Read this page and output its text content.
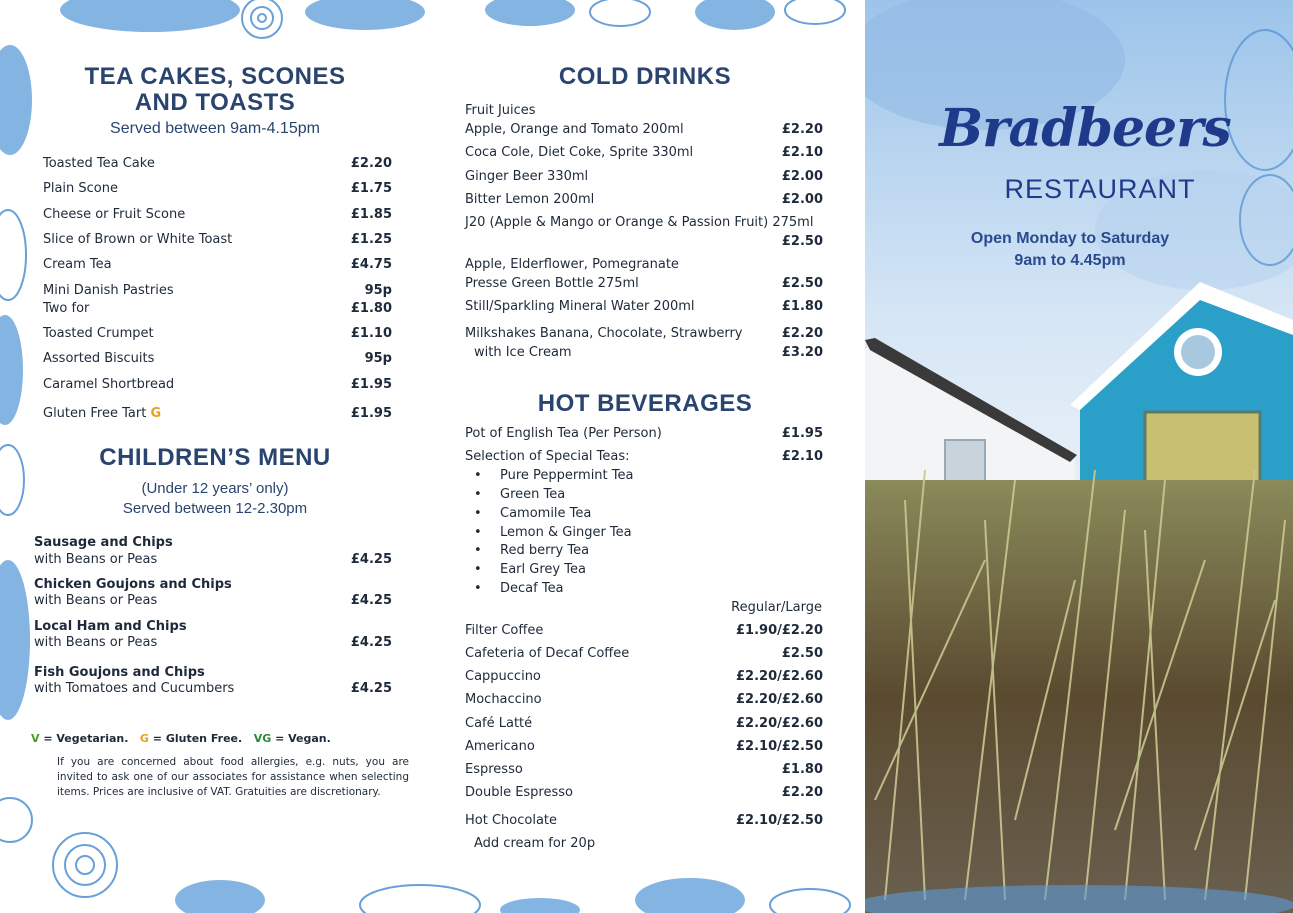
TEA CAKES, SCONES
AND TOASTS
Served between 9am-4.15pm
Toasted Tea Cake	£2.20
Plain Scone	£1.75
Cheese or Fruit Scone	£1.85
Slice of Brown or White Toast	£1.25
Cream Tea	£4.75
Mini Danish Pastries	95p
Two for	£1.80
Toasted Crumpet	£1.10
Assorted Biscuits	95p
Caramel Shortbread	£1.95
Gluten Free Tart G	£1.95
CHILDREN’S MENU
(Under 12 years’ only)
Served between 12-2.30pm
Sausage and Chips
with Beans or Peas	£4.25
Chicken Goujons and Chips
with Beans or Peas	£4.25
Local Ham and Chips
with Beans or Peas	£4.25
Fish Goujons and Chips
with Tomatoes and Cucumbers	£4.25
V = Vegetarian. G = Gluten Free. VG = Vegan.
If you are concerned about food allergies, e.g. nuts, you are invited to ask one of our associates for assistance when selecting items. Prices are inclusive of VAT. Gratuities are discretionary.
COLD DRINKS
Fruit Juices
Apple, Orange and Tomato 200ml	£2.20
Coca Cole, Diet Coke, Sprite 330ml	£2.10
Ginger Beer 330ml	£2.00
Bitter Lemon 200ml	£2.00
J20 (Apple & Mango or Orange & Passion Fruit) 275ml
£2.50
Apple, Elderflower, Pomegranate
Presse Green Bottle 275ml	£2.50
Still/Sparkling Mineral Water 200ml	£1.80
Milkshakes Banana, Chocolate, Strawberry	£2.20
with Ice Cream	£3.20
HOT BEVERAGES
Pot of English Tea (Per Person)	£1.95
Selection of Special Teas:	£2.10
• Pure Peppermint Tea
• Green Tea
• Camomile Tea
• Lemon & Ginger Tea
• Red berry Tea
• Earl Grey Tea
• Decaf Tea
Regular/Large
Filter Coffee	£1.90/£2.20
Cafeteria of Decaf Coffee	£2.50
Cappuccino	£2.20/£2.60
Mochaccino	£2.20/£2.60
Café Latté	£2.20/£2.60
Americano	£2.10/£2.50
Espresso	£1.80
Double Espresso	£2.20
Hot Chocolate	£2.10/£2.50
Add cream for 20p
Bradbeers
RESTAURANT
Open Monday to Saturday
9am to 4.45pm
